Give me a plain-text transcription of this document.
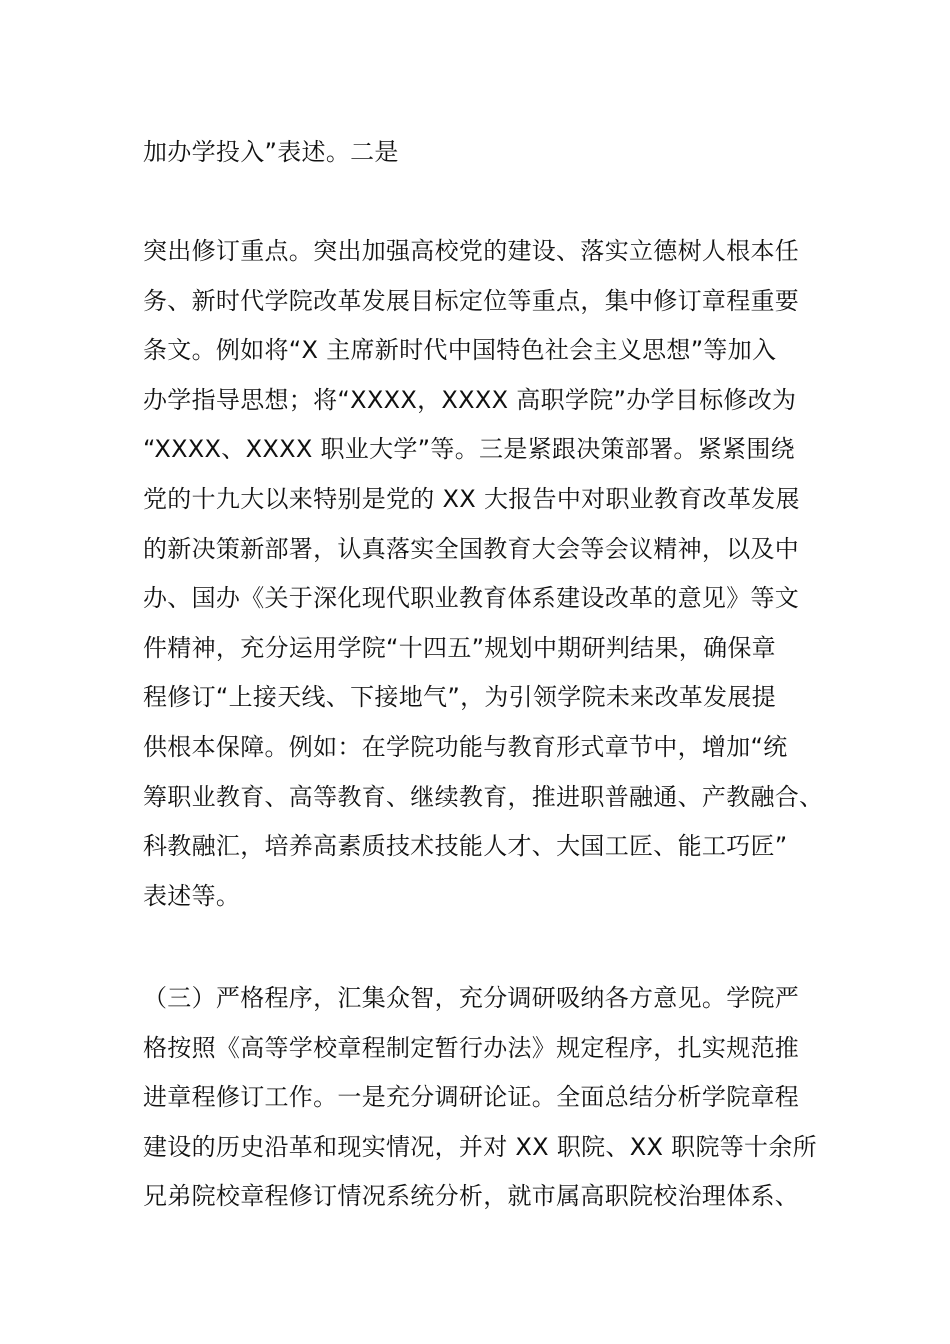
加办学投入”表述。二是

突出修订重点。突出加强高校党的建设、落实立德树人根本任
务、新时代学院改革发展目标定位等重点，集中修订章程重要
条文。例如将“X 主席新时代中国特色社会主义思想”等加入
办学指导思想；将“XXXX，XXXX 高职学院”办学目标修改为
“XXXX、XXXX 职业大学”等。三是紧跟决策部署。紧紧围绕
党的十九大以来特别是党的 XX 大报告中对职业教育改革发展
的新决策新部署，认真落实全国教育大会等会议精神，以及中
办、国办《关于深化现代职业教育体系建设改革的意见》等文
件精神，充分运用学院“十四五”规划中期研判结果，确保章
程修订“上接天线、下接地气”，为引领学院未来改革发展提
供根本保障。例如：在学院功能与教育形式章节中，增加“统
筹职业教育、高等教育、继续教育，推进职普融通、产教融合、
科教融汇，培养高素质技术技能人才、大国工匠、能工巧匠”
表述等。

（三）严格程序，汇集众智，充分调研吸纳各方意见。学院严
格按照《高等学校章程制定暂行办法》规定程序，扎实规范推
进章程修订工作。一是充分调研论证。全面总结分析学院章程
建设的历史沿革和现实情况，并对 XX 职院、XX 职院等十余所
兄弟院校章程修订情况系统分析，就市属高职院校治理体系、
